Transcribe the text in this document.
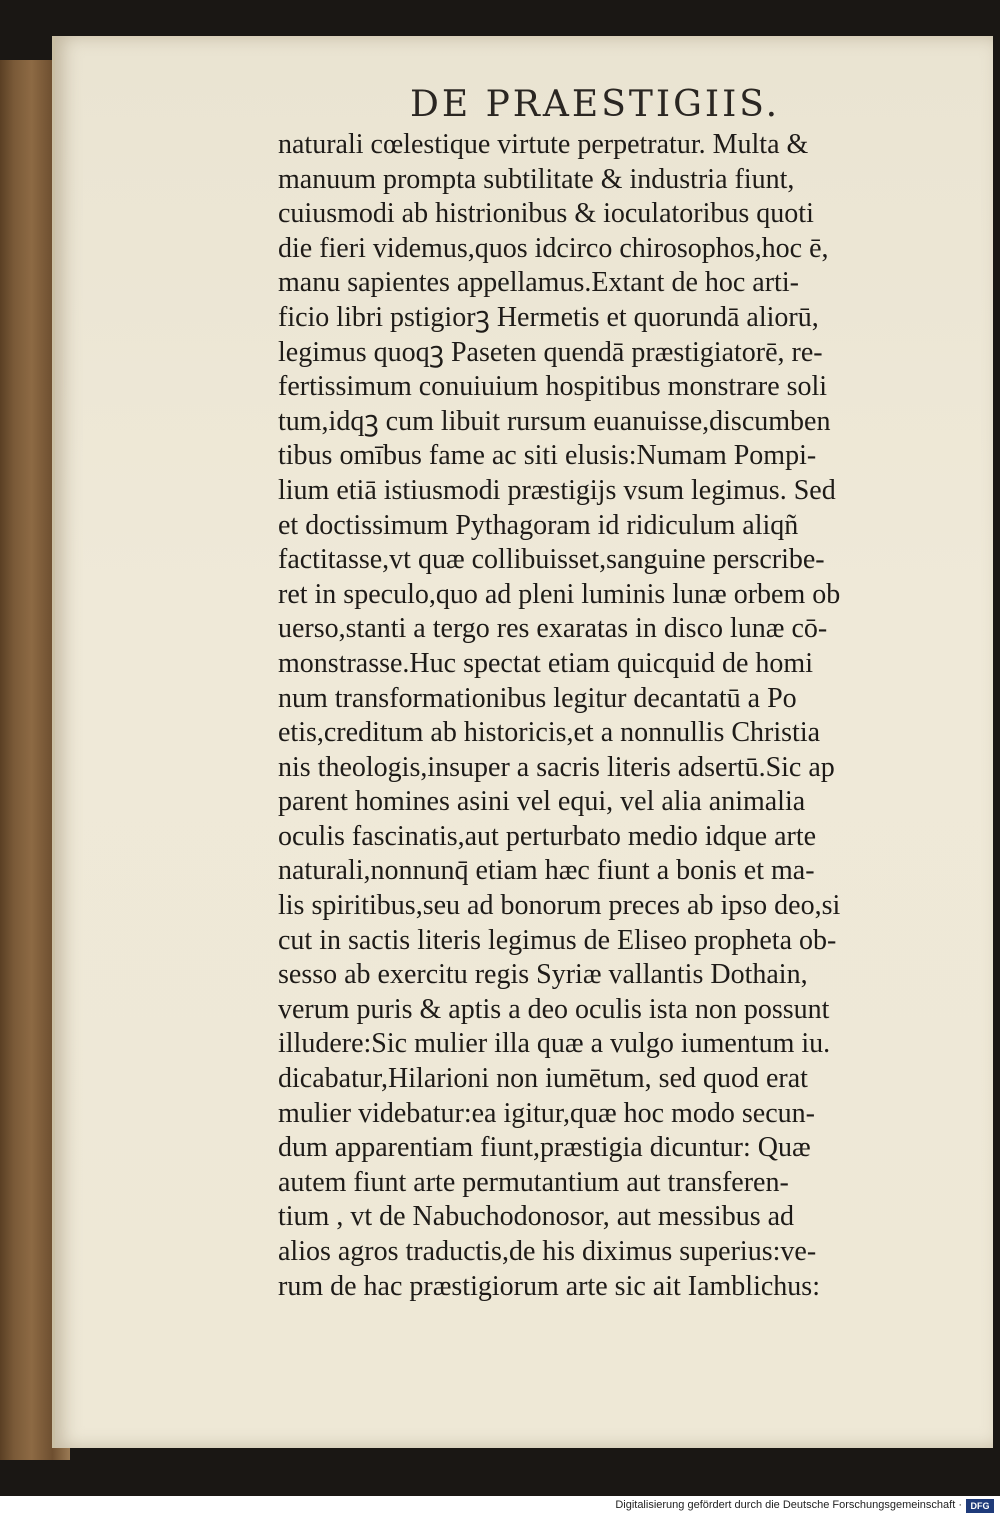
DE PRAESTIGIIS.
naturali cœlestique virtute perpetratur. Multa &
manuum prompta subtilitate & industria fiunt,
cuiusmodi ab histrionibus & ioculatoribus quoti
die fieri videmus,quos idcirco chirosophos,hoc ē,
manu sapientes appellamus.Extant de hoc arti-
ficio libri pstigiorꝫ Hermetis et quorundā aliorū,
legimus quoqꝫ Paseten quendā præstigiatorē, re-
fertissimum conuiuium hospitibus monstrare soli
tum,idqꝫ cum libuit rursum euanuisse,discumben
tibus omībus fame ac siti elusis:Numam Pompi-
lium etiā istiusmodi præstigijs vsum legimus. Sed
et doctissimum Pythagoram id ridiculum aliqñ
factitasse,vt quæ collibuisset,sanguine perscribe-
ret in speculo,quo ad pleni luminis lunæ orbem ob
uerso,stanti a tergo res exaratas in disco lunæ cō-
monstrasse.Huc spectat etiam quicquid de homi
num transformationibus legitur decantatū a Po
etis,creditum ab historicis,et a nonnullis Christia
nis theologis,insuper a sacris literis adsertū.Sic ap
parent homines asini vel equi, vel alia animalia
oculis fascinatis,aut perturbato medio idque arte
naturali,nonnunq̄ etiam hæc fiunt a bonis et ma-
lis spiritibus,seu ad bonorum preces ab ipso deo,si
cut in sactis literis legimus de Eliseo propheta ob-
sesso ab exercitu regis Syriæ vallantis Dothain,
verum puris & aptis a deo oculis ista non possunt
illudere:Sic mulier illa quæ a vulgo iumentum iu.
dicabatur,Hilarioni non iumētum, sed quod erat
mulier videbatur:ea igitur,quæ hoc modo secun-
dum apparentiam fiunt,præstigia dicuntur: Quæ
autem fiunt arte permutantium aut transferen-
tium , vt de Nabuchodonosor, aut messibus ad
alios agros traductis,de his diximus superius:ve-
rum de hac præstigiorum arte sic ait Iamblichus:
Digitalisierung gefördert durch die Deutsche Forschungsgemeinschaft · DFG
